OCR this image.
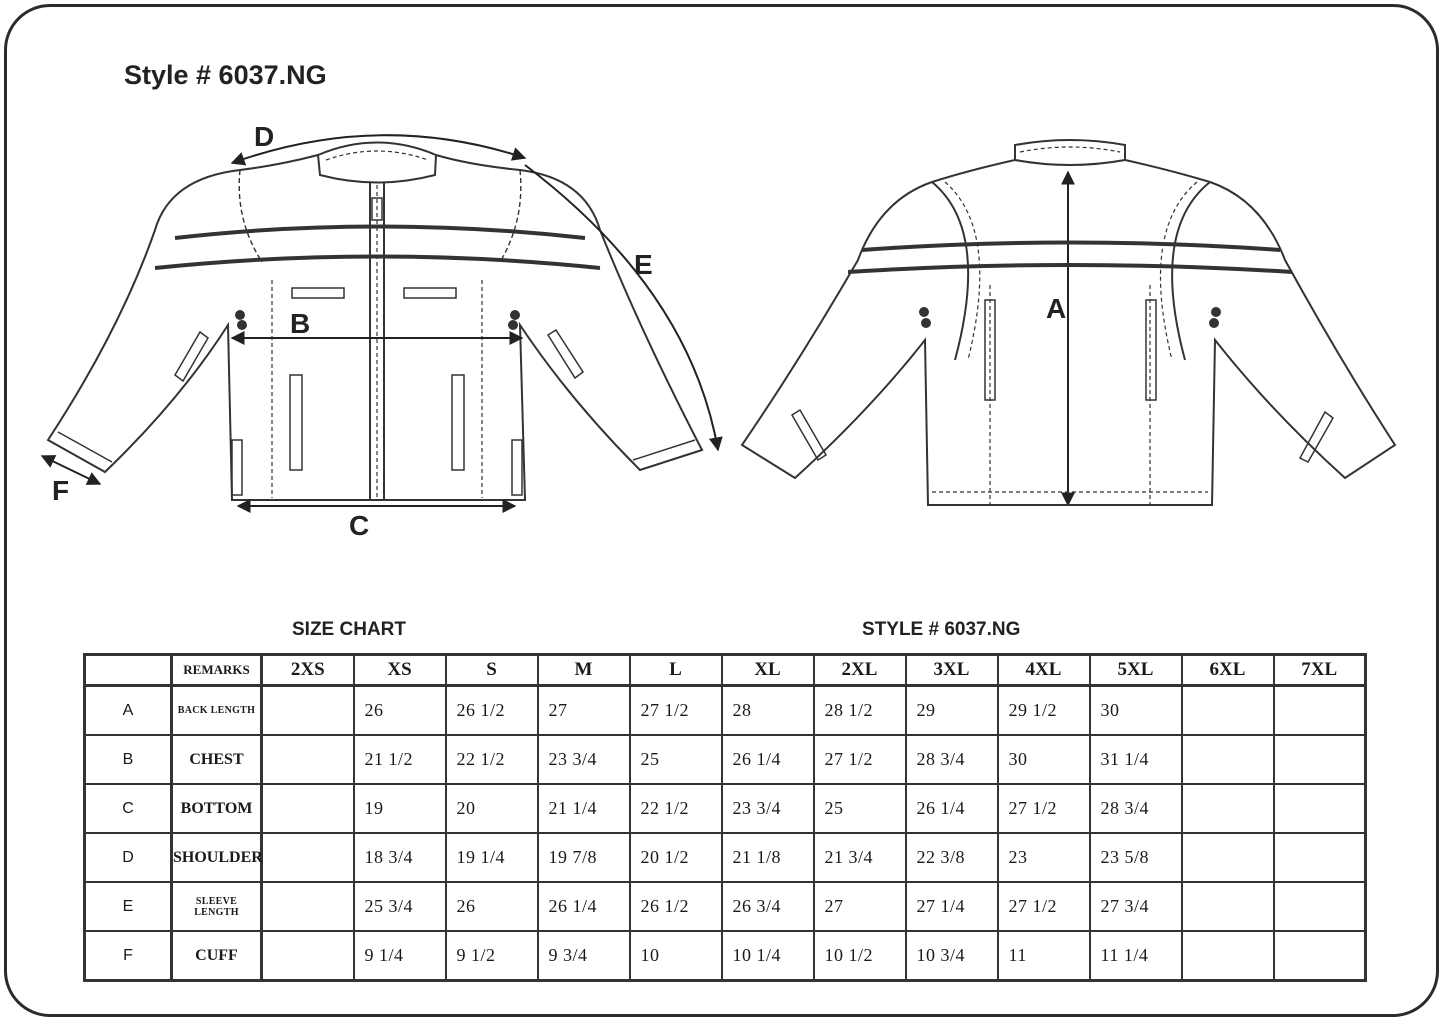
Style # 6037.NG
D
E
B
C
F
A
SIZE CHART	STYLE # 6037.NG
	REMARKS	2XS	XS	S	M	L	XL	2XL	3XL	4XL	5XL	6XL	7XL
A	BACK LENGTH		26	26 1/2	27	27 1/2	28	28 1/2	29	29 1/2	30		
B	CHEST		21 1/2	22 1/2	23 3/4	25	26 1/4	27 1/2	28 3/4	30	31 1/4		
C	BOTTOM		19	20	21 1/4	22 1/2	23 3/4	25	26 1/4	27 1/2	28 3/4		
D	SHOULDER		18 3/4	19 1/4	19 7/8	20 1/2	21 1/8	21 3/4	22 3/8	23	23 5/8		
E	SLEEVE LENGTH		25 3/4	26	26 1/4	26 1/2	26 3/4	27	27 1/4	27 1/2	27 3/4		
F	CUFF		9 1/4	9 1/2	9 3/4	10	10 1/4	10 1/2	10 3/4	11	11 1/4		
